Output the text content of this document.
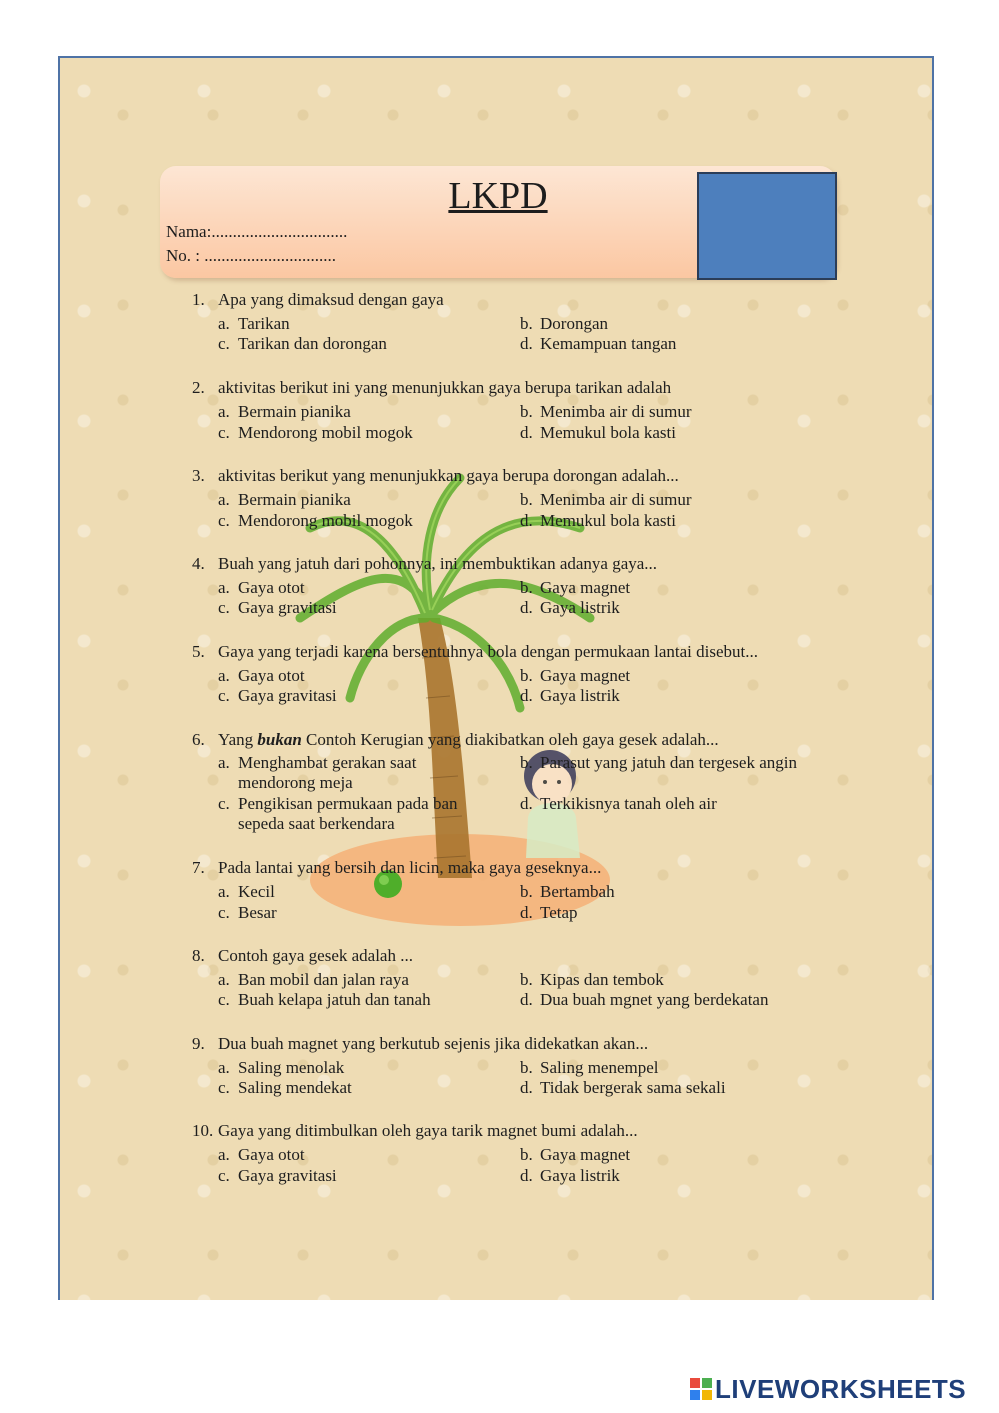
LKPD
Nama:................................
No. : ...............................
1. Apa yang dimaksud dengan gaya
a. Tarikan	b. Dorongan
c. Tarikan dan dorongan	d. Kemampuan tangan
2. aktivitas berikut ini yang menunjukkan gaya berupa tarikan adalah
a. Bermain pianika	b. Menimba air di sumur
c. Mendorong mobil mogok	d. Memukul bola kasti
3. aktivitas berikut yang menunjukkan gaya berupa dorongan adalah...
a. Bermain pianika	b. Menimba air di sumur
c. Mendorong mobil mogok	d. Memukul bola kasti
4. Buah yang jatuh dari pohonnya, ini membuktikan adanya gaya...
a. Gaya otot	b. Gaya magnet
c. Gaya gravitasi	d. Gaya listrik
5. Gaya yang terjadi karena bersentuhnya bola dengan permukaan lantai disebut...
a. Gaya otot	b. Gaya magnet
c. Gaya gravitasi	d. Gaya listrik
6. Yang bukan Contoh Kerugian yang diakibatkan oleh gaya gesek adalah...
a. Menghambat gerakan saat
mendorong meja
b. Parasut yang jatuh dan tergesek angin
c. Pengikisan permukaan pada ban
sepeda saat berkendara
d. Terkikisnya tanah oleh air
7. Pada lantai yang bersih dan licin, maka gaya geseknya...
a. Kecil	b. Bertambah
c. Besar	d. Tetap
8. Contoh gaya gesek adalah ...
a. Ban mobil dan jalan raya	b. Kipas dan tembok
c. Buah kelapa jatuh dan tanah	d. Dua buah mgnet yang berdekatan
9. Dua buah magnet yang berkutub sejenis jika didekatkan akan...
a. Saling menolak	b. Saling menempel
c. Saling mendekat	d. Tidak bergerak sama sekali
10. Gaya yang ditimbulkan oleh gaya tarik magnet bumi adalah...
a. Gaya otot	b. Gaya magnet
c. Gaya gravitasi	d. Gaya listrik
LIVEWORKSHEETS
